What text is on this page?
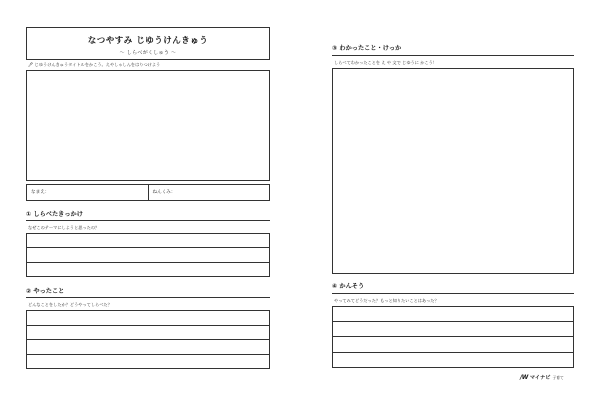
なつやすみ じゆうけんきゅう
〜 しらべがくしゅう 〜
🖊 じゆうけんきゅうタイトルをかこう。えやしゃしんをはりつけよう
なまえ：	ねんくみ：
① しらべたきっかけ
なぜこのテーマにしようと思ったの？
② やったこと
どんなことをしたか？どうやってしらべた？
③ わかったこと・けっか
しらべてわかったことを え や 文で じゆうに かこう！
④ かんそう
やってみてどうだった？もっと知りたいことはあった？
/W マイナビ 子育て
